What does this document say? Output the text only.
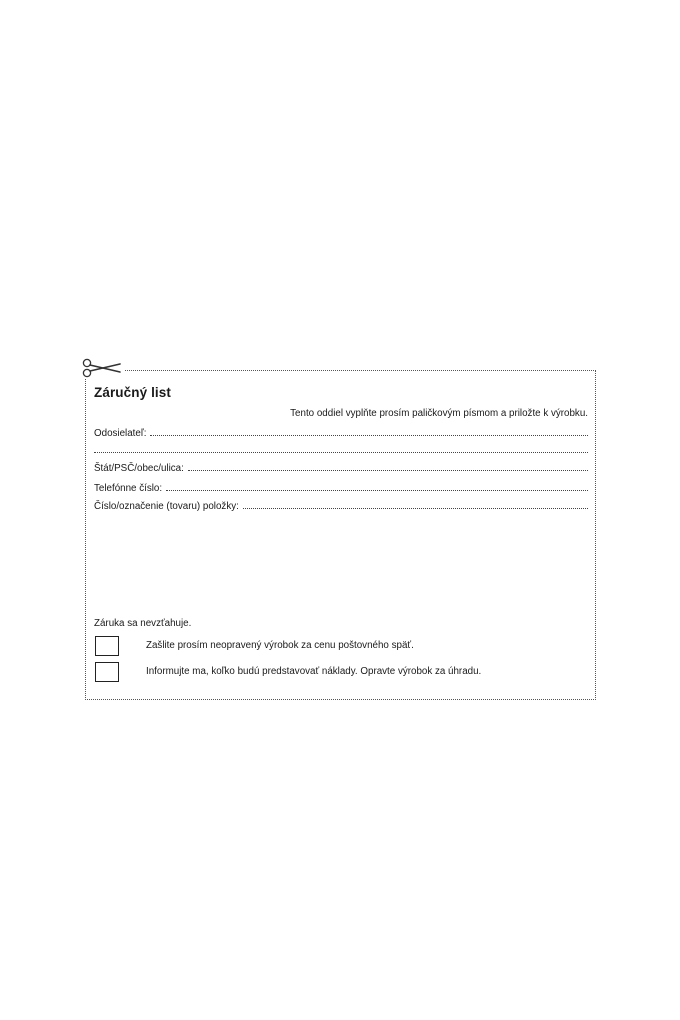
Záručný list
Tento oddiel vyplňte prosím paličkovým písmom a priložte k výrobku.
Odosielateľ:
Štát/PSČ/obec/ulica:
Telefónne číslo:
Číslo/označenie (tovaru) položky:
Záruka sa nevzťahuje.
Zašlite prosím neopravený výrobok za cenu poštovného späť.
Informujte ma, koľko budú predstavovať náklady. Opravte výrobok za úhradu.
